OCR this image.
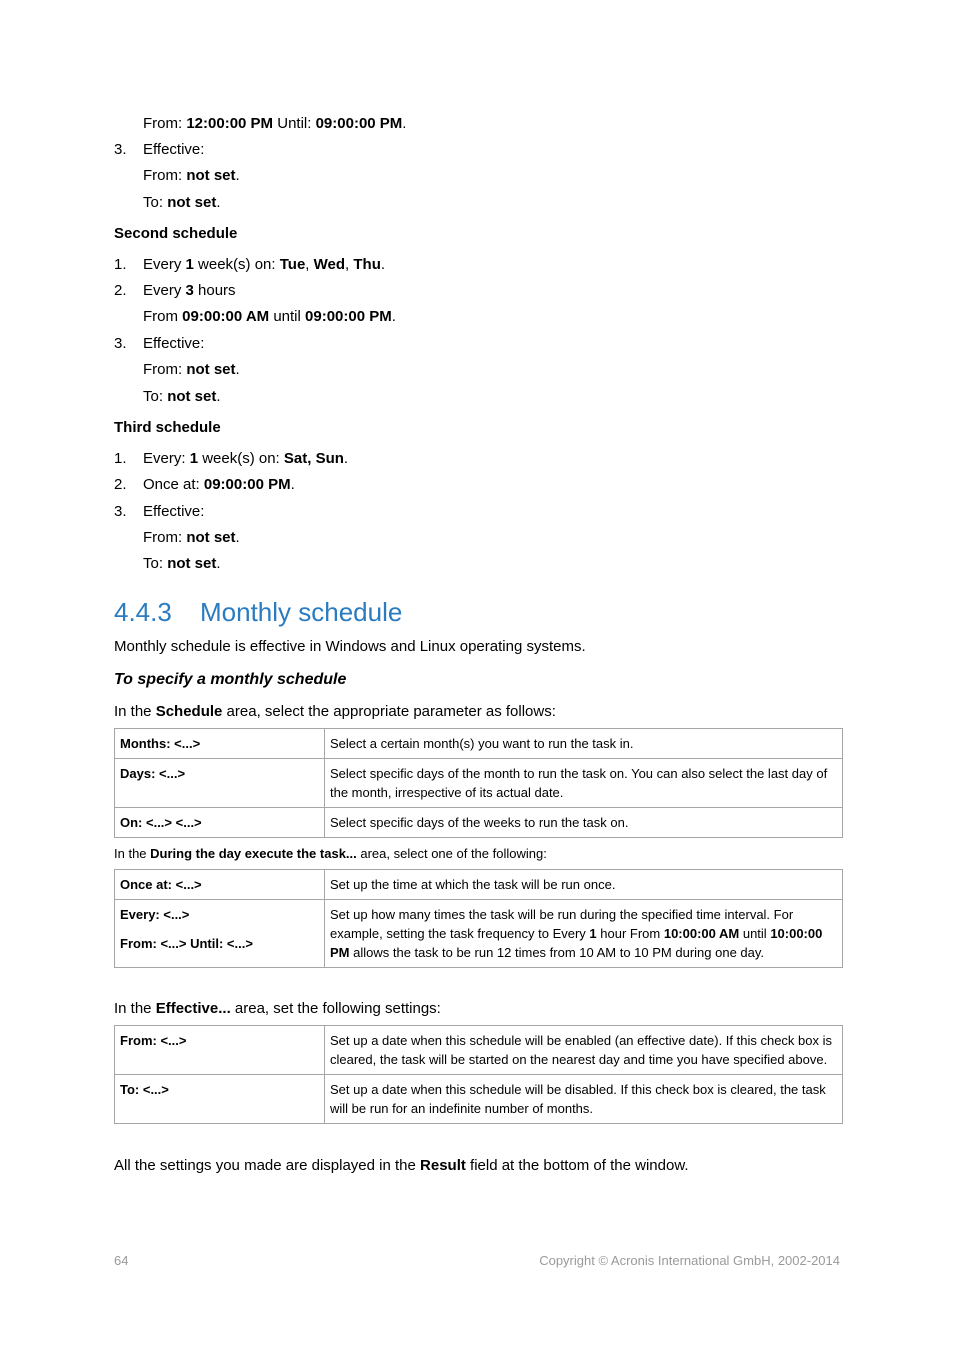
From: 12:00:00 PM Until: 09:00:00 PM.
3. Effective:
From: not set.
To: not set.
Second schedule
1. Every 1 week(s) on: Tue, Wed, Thu.
2. Every 3 hours
From 09:00:00 AM until 09:00:00 PM.
3. Effective:
From: not set.
To: not set.
Third schedule
1. Every: 1 week(s) on: Sat, Sun.
2. Once at: 09:00:00 PM.
3. Effective:
From: not set.
To: not set.
4.4.3 Monthly schedule
Monthly schedule is effective in Windows and Linux operating systems.
To specify a monthly schedule
In the Schedule area, select the appropriate parameter as follows:
Months: <...>	Select a certain month(s) you want to run the task in.
Days: <...>	Select specific days of the month to run the task on. You can also select the last day of the month, irrespective of its actual date.
On: <...> <...>	Select specific days of the weeks to run the task on.
In the During the day execute the task... area, select one of the following:
Once at: <...>	Set up the time at which the task will be run once.

Every: <...>
From: <...> Until: <...>	Set up how many times the task will be run during the specified time interval. For example, setting the task frequency to Every 1 hour From 10:00:00 AM until 10:00:00 PM allows the task to be run 12 times from 10 AM to 10 PM during one day.
In the Effective... area, set the following settings:
From: <...>	Set up a date when this schedule will be enabled (an effective date). If this check box is cleared, the task will be started on the nearest day and time you have specified above.
To: <...>	Set up a date when this schedule will be disabled. If this check box is cleared, the task will be run for an indefinite number of months.
All the settings you made are displayed in the Result field at the bottom of the window.
64	Copyright © Acronis International GmbH, 2002-2014
